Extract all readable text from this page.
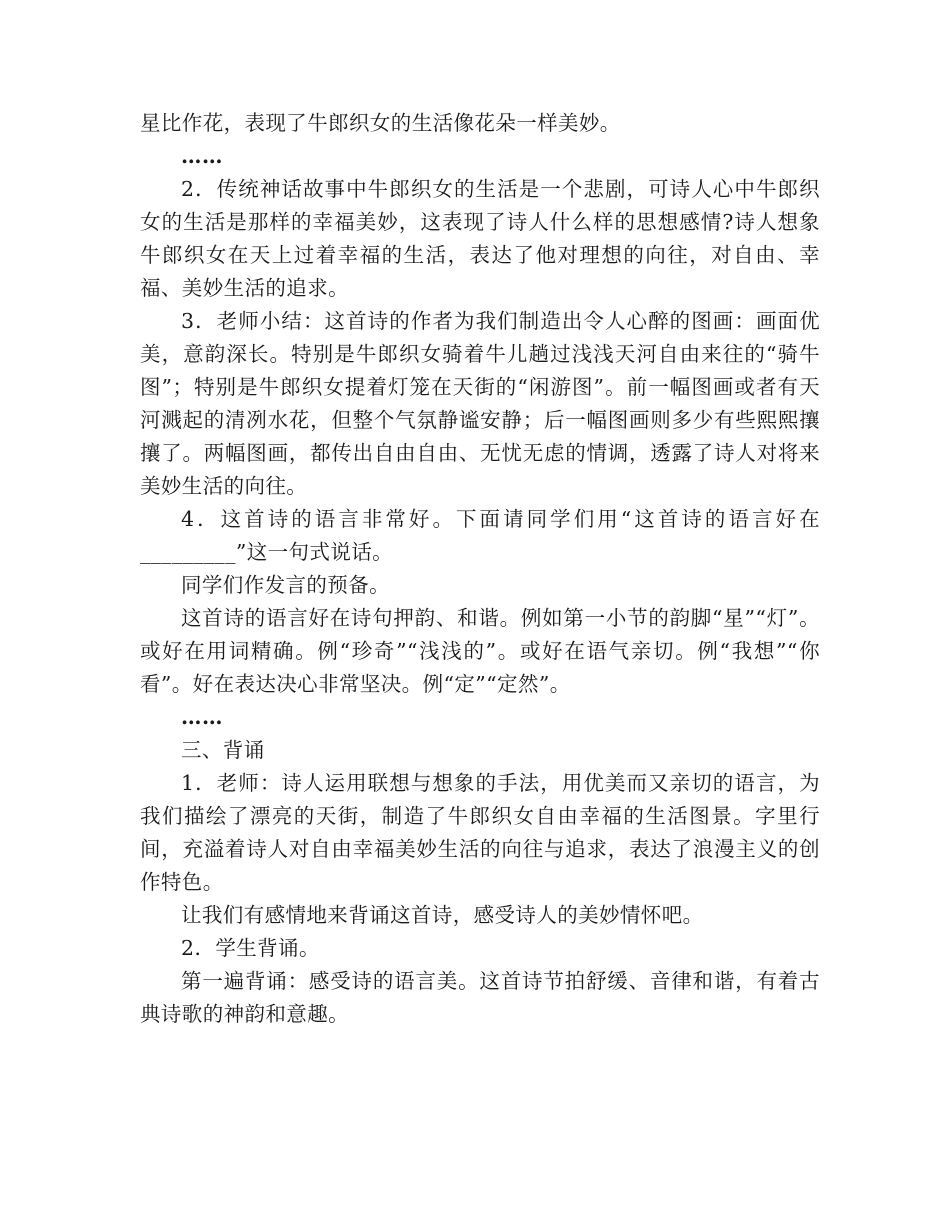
星比作花，表现了牛郎织女的生活像花朵一样美妙。

……

2．传统神话故事中牛郎织女的生活是一个悲剧，可诗人心中牛郎织女的生活是那样的幸福美妙，这表现了诗人什么样的思想感情?诗人想象牛郎织女在天上过着幸福的生活，表达了他对理想的向往，对自由、幸福、美妙生活的追求。

3．老师小结：这首诗的作者为我们制造出令人心醉的图画：画面优美，意韵深长。特别是牛郎织女骑着牛儿趟过浅浅天河自由来往的“骑牛图”；特别是牛郎织女提着灯笼在天街的“闲游图”。前一幅图画或者有天河溅起的清冽水花，但整个气氛静谧安静；后一幅图画则多少有些熙熙攘攘了。两幅图画，都传出自由自由、无忧无虑的情调，透露了诗人对将来美妙生活的向往。

4．这首诗的语言非常好。下面请同学们用“这首诗的语言好在_________”这一句式说话。

同学们作发言的预备。

这首诗的语言好在诗句押韵、和谐。例如第一小节的韵脚“星”“灯”。或好在用词精确。例“珍奇”“浅浅的”。或好在语气亲切。例“我想”“你看”。好在表达决心非常坚决。例“定”“定然”。

……

三、背诵

1．老师：诗人运用联想与想象的手法，用优美而又亲切的语言，为我们描绘了漂亮的天街，制造了牛郎织女自由幸福的生活图景。字里行间，充溢着诗人对自由幸福美妙生活的向往与追求，表达了浪漫主义的创作特色。

让我们有感情地来背诵这首诗，感受诗人的美妙情怀吧。

2．学生背诵。

第一遍背诵：感受诗的语言美。这首诗节拍舒缓、音律和谐，有着古典诗歌的神韵和意趣。
